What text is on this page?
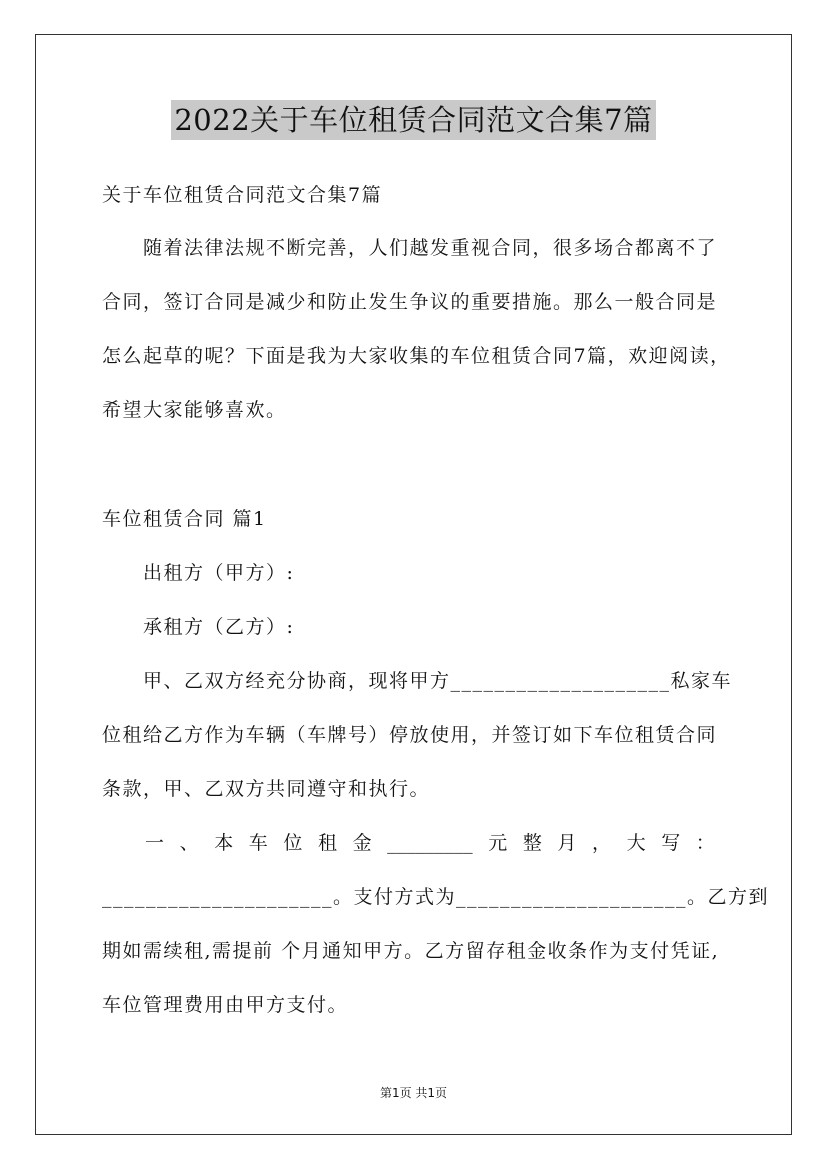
2022关于车位租赁合同范文合集7篇
关于车位租赁合同范文合集7篇
随着法律法规不断完善，人们越发重视合同，很多场合都离不了
合同，签订合同是减少和防止发生争议的重要措施。那么一般合同是
怎么起草的呢？下面是我为大家收集的车位租赁合同7篇，欢迎阅读，
希望大家能够喜欢。
车位租赁合同 篇1
出租方（甲方）:
承租方（乙方）:
甲、乙双方经充分协商，现将甲方____________________私家车
位租给乙方作为车辆（车牌号）停放使用，并签订如下车位租赁合同
条款，甲、乙双方共同遵守和执行。
一 、 本 车 位 租 金 _________ 元 整 月 ， 大 写 ：
_____________________。支付方式为_____________________。乙方到
期如需续租,需提前 个月通知甲方。乙方留存租金收条作为支付凭证,
车位管理费用由甲方支付。
第1页 共1页
